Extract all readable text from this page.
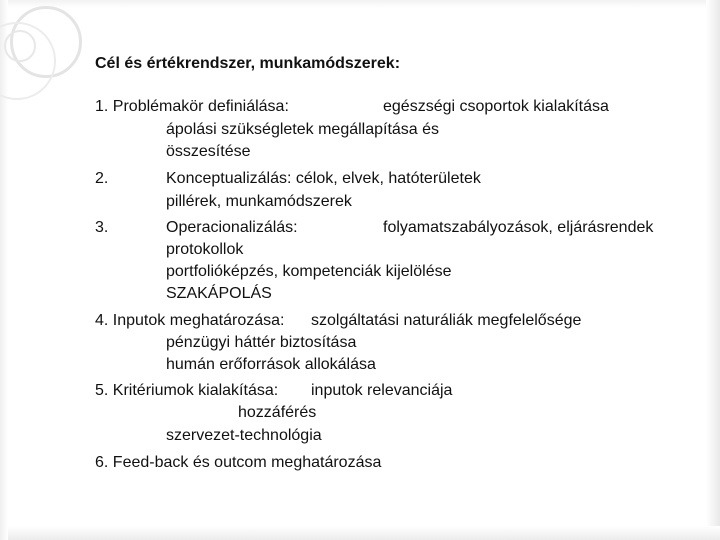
Cél és értékrendszer, munkamódszerek:
1. Problémakör definiálása:	egészségi csoportok kialakítása
ápolási szükségletek megállapítása és
összesítése
2.	Konceptualizálás: célok, elvek, hatóterületek
pillérek, munkamódszerek
3.	Operacionalizálás:	folyamatszabályozások, eljárásrendek
protokollok
portfolióképzés, kompetenciák kijelölése
SZAKÁPOLÁS
4. Inputok meghatározása: szolgáltatási naturáliák megfelelősége
pénzügyi háttér biztosítása
humán erőforrások allokálása
5. Kritériumok kialakítása: inputok relevanciája
hozzáférés
szervezet-technológia
6. Feed-back és outcom meghatározása
